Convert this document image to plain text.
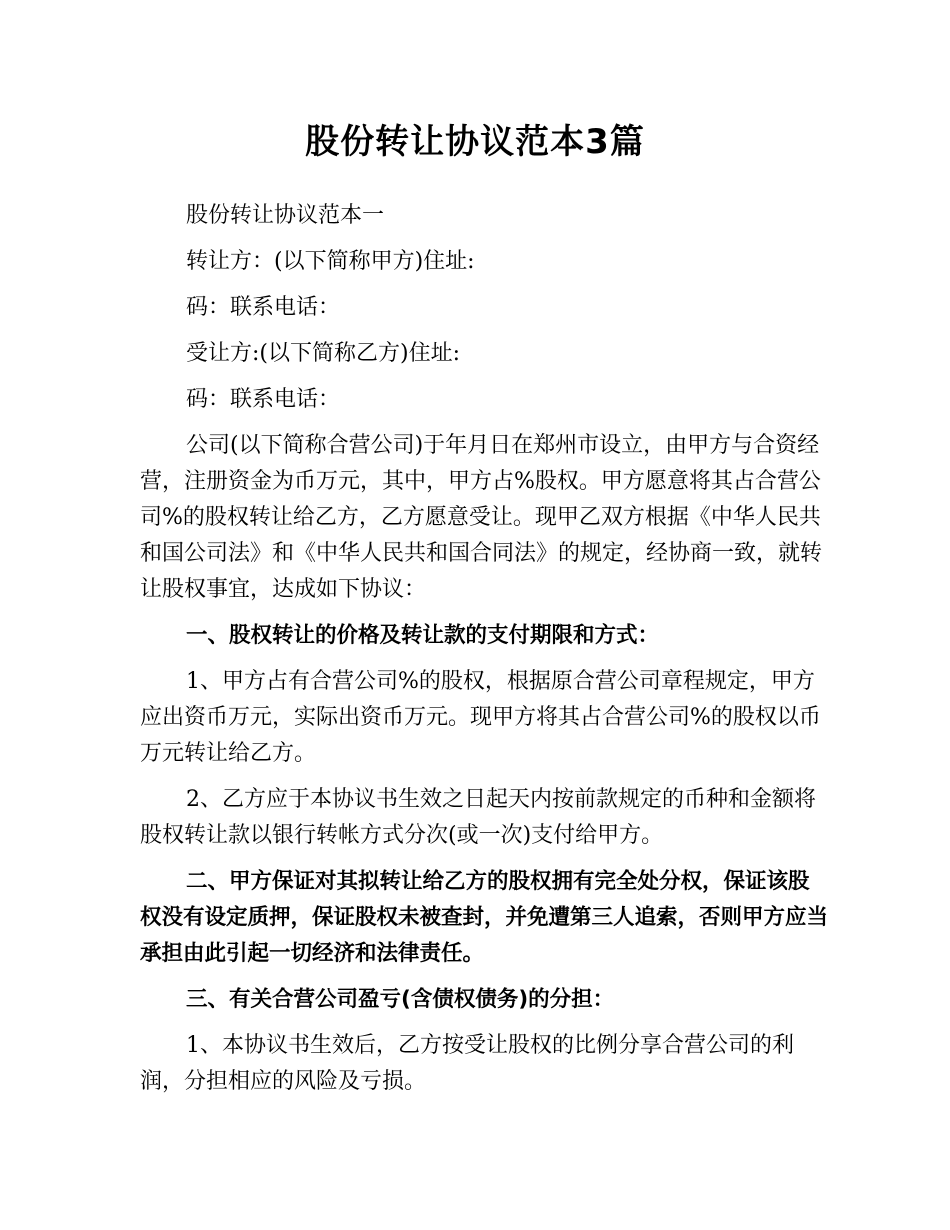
股份转让协议范本3篇

股份转让协议范本一

转让方：(以下简称甲方)住址:

码：联系电话：

受让方:(以下简称乙方)住址:

码：联系电话：

公司(以下简称合营公司)于年月日在郑州市设立，由甲方与合资经营，注册资金为币万元，其中，甲方占%股权。甲方愿意将其占合营公司%的股权转让给乙方，乙方愿意受让。现甲乙双方根据《中华人民共和国公司法》和《中华人民共和国合同法》的规定，经协商一致，就转让股权事宜，达成如下协议：

一、股权转让的价格及转让款的支付期限和方式：

1、甲方占有合营公司%的股权，根据原合营公司章程规定，甲方应出资币万元，实际出资币万元。现甲方将其占合营公司%的股权以币万元转让给乙方。

2、乙方应于本协议书生效之日起天内按前款规定的币种和金额将股权转让款以银行转帐方式分次(或一次)支付给甲方。

二、甲方保证对其拟转让给乙方的股权拥有完全处分权，保证该股权没有设定质押，保证股权未被查封，并免遭第三人追索，否则甲方应当承担由此引起一切经济和法律责任。

三、有关合营公司盈亏(含债权债务)的分担：

1、本协议书生效后，乙方按受让股权的比例分享合营公司的利润，分担相应的风险及亏损。
